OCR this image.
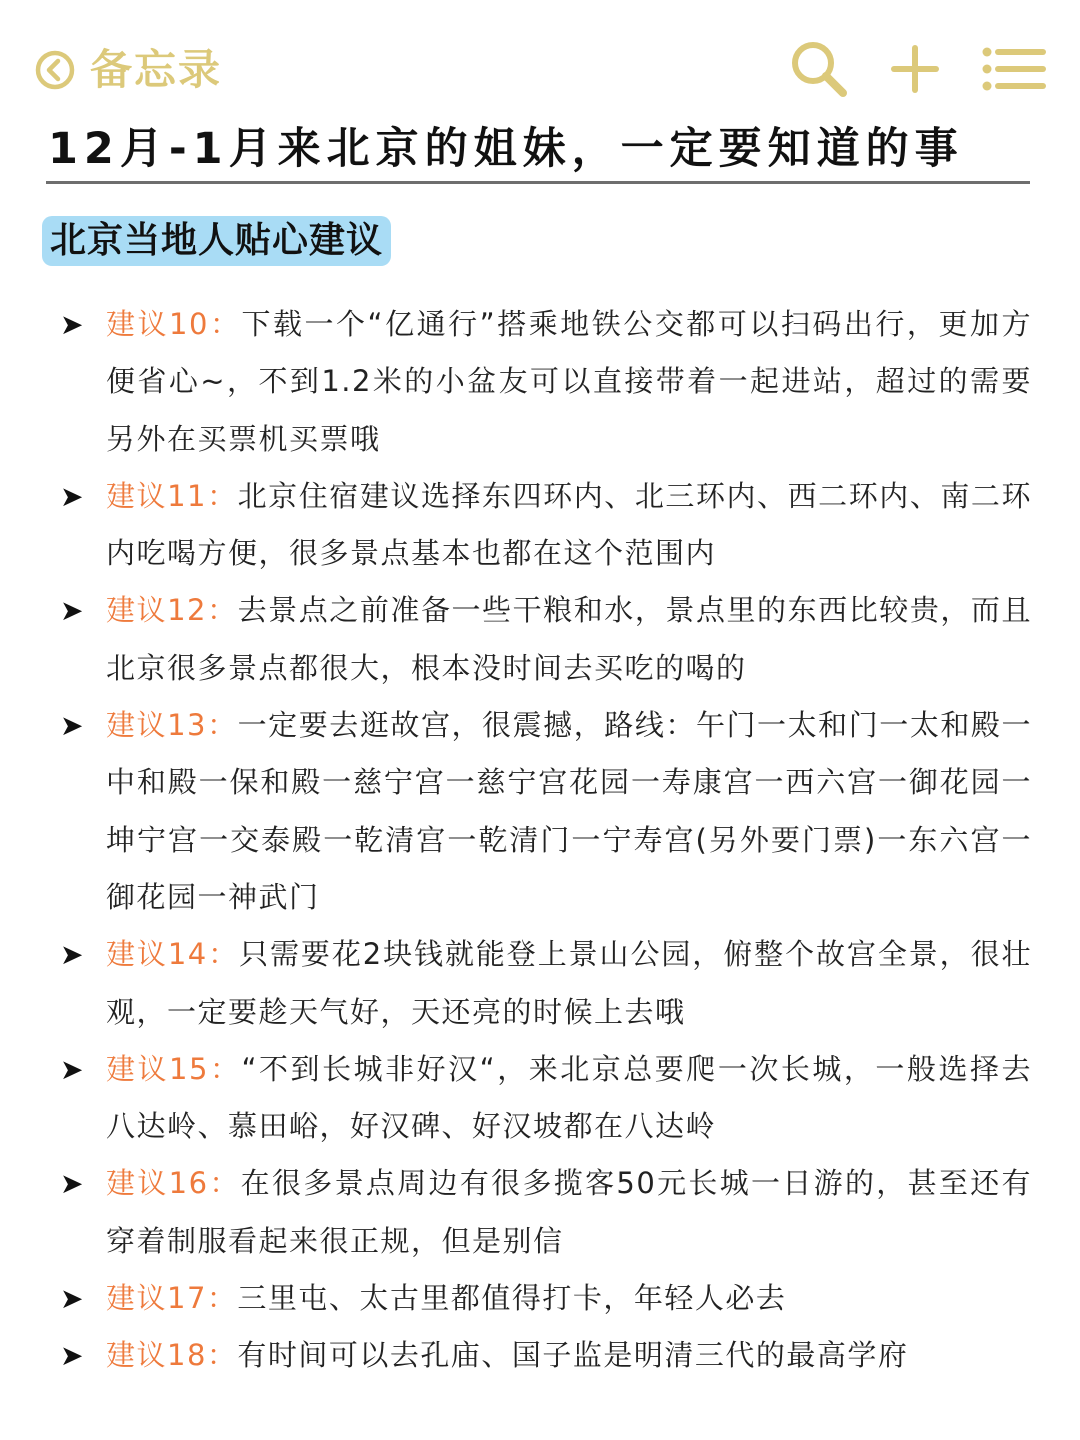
备忘录
12月-1月来北京的姐妹，一定要知道的事
北京当地人贴心建议
➤ 建议10：下载一个“亿通行”搭乘地铁公交都可以扫码出行，更加方便省心~，不到1.2米的小盆友可以直接带着一起进站，超过的需要另外在买票机买票哦
➤ 建议11：北京住宿建议选择东四环内、北三环内、西二环内、南二环内吃喝方便，很多景点基本也都在这个范围内
➤ 建议12：去景点之前准备一些干粮和水，景点里的东西比较贵，而且北京很多景点都很大，根本没时间去买吃的喝的
➤ 建议13：一定要去逛故宫，很震撼，路线：午门一太和门一太和殿一中和殿一保和殿一慈宁宫一慈宁宫花园一寿康宫一西六宫一御花园一坤宁宫一交泰殿一乾清宫一乾清门一宁寿宫(另外要门票)一东六宫一御花园一神武门
➤ 建议14：只需要花2块钱就能登上景山公园，俯整个故宫全景，很壮观，一定要趁天气好，天还亮的时候上去哦
➤ 建议15：“不到长城非好汉“，来北京总要爬一次长城，一般选择去八达岭、慕田峪，好汉碑、好汉坡都在八达岭
➤ 建议16：在很多景点周边有很多揽客50元长城一日游的，甚至还有穿着制服看起来很正规，但是别信
➤ 建议17：三里屯、太古里都值得打卡，年轻人必去
➤ 建议18：有时间可以去孔庙、国子监是明清三代的最高学府
